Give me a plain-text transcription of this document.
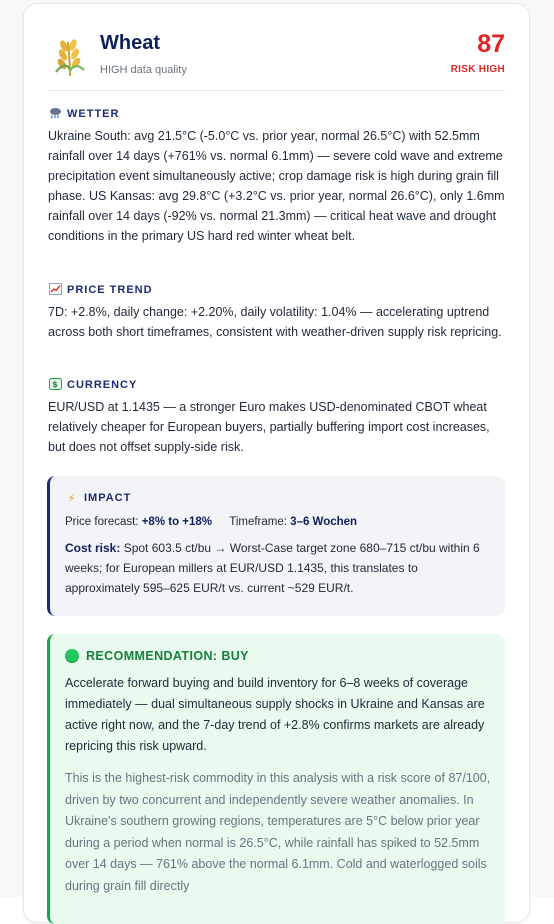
Wheat
HIGH data quality
87
RISK HIGH
WETTER
Ukraine South: avg 21.5°C (-5.0°C vs. prior year, normal 26.5°C) with 52.5mm rainfall over 14 days (+761% vs. normal 6.1mm) — severe cold wave and extreme precipitation event simultaneously active; crop damage risk is high during grain fill phase. US Kansas: avg 29.8°C (+3.2°C vs. prior year, normal 26.6°C), only 1.6mm rainfall over 14 days (-92% vs. normal 21.3mm) — critical heat wave and drought conditions in the primary US hard red winter wheat belt.
PRICE TREND
7D: +2.8%, daily change: +2.20%, daily volatility: 1.04% — accelerating uptrend across both short timeframes, consistent with weather-driven supply risk repricing.
$ CURRENCY
EUR/USD at 1.1435 — a stronger Euro makes USD-denominated CBOT wheat relatively cheaper for European buyers, partially buffering import cost increases, but does not offset supply-side risk.
⚡ IMPACT
Price forecast: +8% to +18% Timeframe: 3–6 Wochen
Cost risk: Spot 603.5 ct/bu → Worst-Case target zone 680–715 ct/bu within 6 weeks; for European millers at EUR/USD 1.1435, this translates to approximately 595–625 EUR/t vs. current ~529 EUR/t.
RECOMMENDATION: BUY
Accelerate forward buying and build inventory for 6–8 weeks of coverage immediately — dual simultaneous supply shocks in Ukraine and Kansas are active right now, and the 7-day trend of +2.8% confirms markets are already repricing this risk upward.
This is the highest-risk commodity in this analysis with a risk score of 87/100, driven by two concurrent and independently severe weather anomalies. In Ukraine's southern growing regions, temperatures are 5°C below prior year during a period when normal is 26.5°C, while rainfall has spiked to 52.5mm over 14 days — 761% above the normal 6.1mm. Cold and waterlogged soils during grain fill directly
